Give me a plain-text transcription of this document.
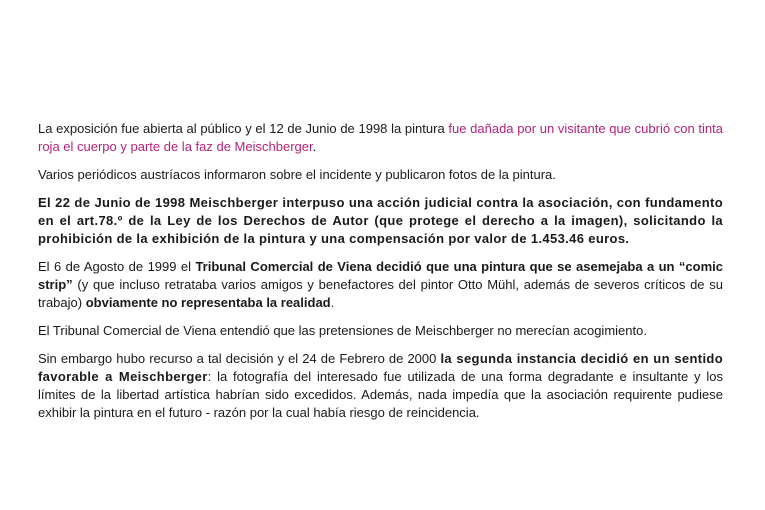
La exposición fue abierta al público y el 12 de Junio de 1998 la pintura fue dañada por un visitante que cubrió con tinta roja el cuerpo y parte de la faz de Meischberger.

Varios periódicos austríacos informaron sobre el incidente y publicaron fotos de la pintura.

El 22 de Junio de 1998 Meischberger interpuso una acción judicial contra la asociación, con fundamento en el art.78.º de la Ley de los Derechos de Autor (que protege el derecho a la imagen), solicitando la prohibición de la exhibición de la pintura y una compensación por valor de 1.453.46 euros.

El 6 de Agosto de 1999 el Tribunal Comercial de Viena decidió que una pintura que se asemejaba a un “comic strip” (y que incluso retrataba varios amigos y benefactores del pintor Otto Mühl, además de severos críticos de su trabajo) obviamente no representaba la realidad.

El Tribunal Comercial de Viena entendió que las pretensiones de Meischberger no merecían acogimiento.

Sin embargo hubo recurso a tal decisión y el 24 de Febrero de 2000 la segunda instancia decidió en un sentido favorable a Meischberger: la fotografía del interesado fue utilizada de una forma degradante e insultante y los límites de la libertad artística habrían sido excedidos. Además, nada impedía que la asociación requirente pudiese exhibir la pintura en el futuro - razón por la cual había riesgo de reincidencia.
